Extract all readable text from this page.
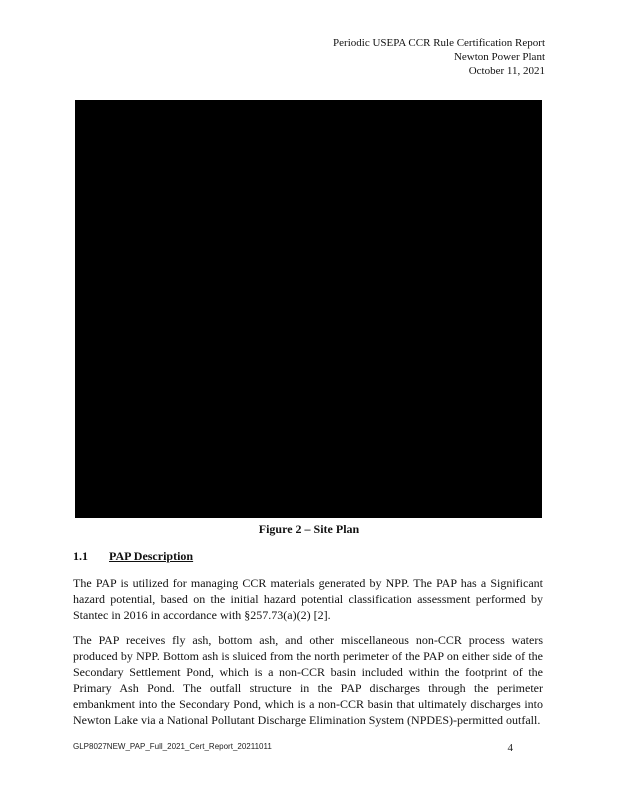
Periodic USEPA CCR Rule Certification Report
Newton Power Plant
October 11, 2021
Figure 2 – Site Plan
1.1 PAP Description

The PAP is utilized for managing CCR materials generated by NPP. The PAP has a Significant hazard potential, based on the initial hazard potential classification assessment performed by Stantec in 2016 in accordance with §257.73(a)(2) [2].

The PAP receives fly ash, bottom ash, and other miscellaneous non-CCR process waters produced by NPP. Bottom ash is sluiced from the north perimeter of the PAP on either side of the Secondary Settlement Pond, which is a non-CCR basin included within the footprint of the Primary Ash Pond. The outfall structure in the PAP discharges through the perimeter embankment into the Secondary Pond, which is a non-CCR basin that ultimately discharges into Newton Lake via a National Pollutant Discharge Elimination System (NPDES)-permitted outfall.

GLP8027NEW_PAP_Full_2021_Cert_Report_20211011	4
